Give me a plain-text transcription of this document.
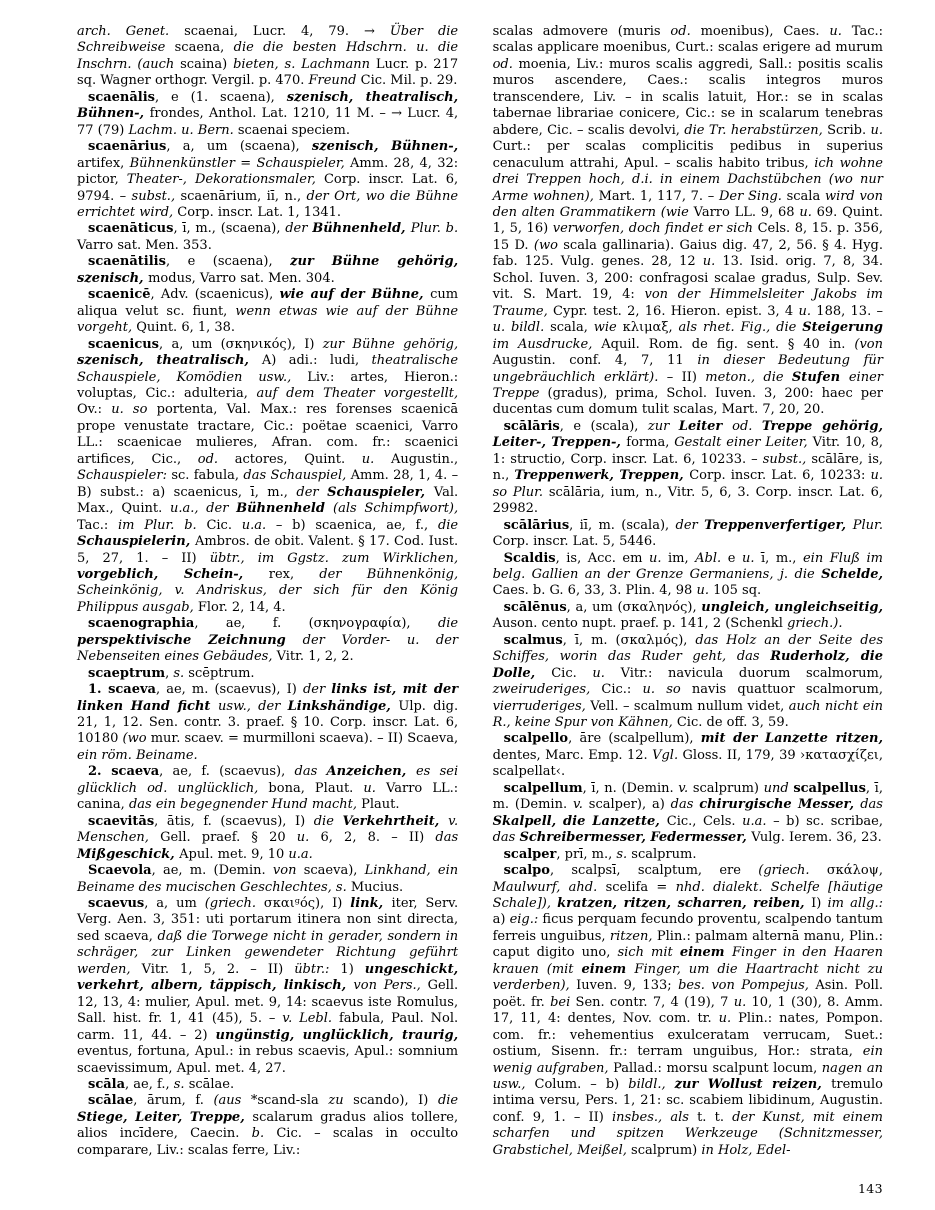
arch. Genet. scaenai, Lucr. 4, 79. → Über die Schreibweise scaena, die die besten Hdschrn. u. die Inschrn. (auch scaina) bieten, s. Lachmann Lucr. p. 217 sq. Wagner orthogr. Vergil. p. 470. Freund Cic. Mil. p. 29.

scaenālis, e (1. scaena), szenisch, theatralisch, Bühnen-, frondes, Anthol. Lat. 1210, 11 M. – → Lucr. 4, 77 (79) Lachm. u. Bern. scaenai speciem.

scaenārius, a, um (scaena), szenisch, Bühnen-, artifex, Bühnenkünstler = Schauspieler, Amm. 28, 4, 32: pictor, Theater-, Dekorationsmaler, Corp. inscr. Lat. 6, 9794. – subst., scaenārium, iī, n., der Ort, wo die Bühne errichtet wird, Corp. inscr. Lat. 1, 1341.

scaenāticus, ī, m., (scaena), der Bühnenheld, Plur. b. Varro sat. Men. 353.

scaenātilis, e (scaena), zur Bühne gehörig, szenisch, modus, Varro sat. Men. 304.

scaenicē, Adv. (scaenicus), wie auf der Bühne, cum aliqua velut sc. fiunt, wenn etwas wie auf der Bühne vorgeht, Quint. 6, 1, 38.

scaenicus, a, um (σκηνικός), I) zur Bühne gehörig, szenisch, theatralisch, A) adi.: ludi, theatralische Schauspiele, Komödien usw., Liv.: artes, Hieron.: voluptas, Cic.: adulteria, auf dem Theater vorgestellt, Ov.: u. so portenta, Val. Max.: res forenses scaenicā prope venustate tractare, Cic.: poëtae scaenici, Varro LL.: scaenicae mulieres, Afran. com. fr.: scaenici artifices, Cic., od. actores, Quint. u. Augustin., Schauspieler: sc. fabula, das Schauspiel, Amm. 28, 1, 4. – B) subst.: a) scaenicus, ī, m., der Schauspieler, Val. Max., Quint. u.a., der Bühnenheld (als Schimpfwort), Tac.: im Plur. b. Cic. u.a. – b) scaenica, ae, f., die Schauspielerin, Ambros. de obit. Valent. § 17. Cod. Iust. 5, 27, 1. – II) übtr., im Ggstz. zum Wirklichen, vorgeblich, Schein-, rex, der Bühnenkönig, Scheinkönig, v. Andriskus, der sich für den König Philippus ausgab, Flor. 2, 14, 4.

scaenographia, ae, f. (σκηνογραφία), die perspektivische Zeichnung der Vorder- u. der Nebenseiten eines Gebäudes, Vitr. 1, 2, 2.

scaeptrum, s. scēptrum.

1. scaeva, ae, m. (scaevus), I) der links ist, mit der linken Hand ficht usw., der Linkshändige, Ulp. dig. 21, 1, 12. Sen. contr. 3. praef. § 10. Corp. inscr. Lat. 6, 10180 (wo mur. scaev. = murmilloni scaeva). – II) Scaeva, ein röm. Beiname.

2. scaeva, ae, f. (scaevus), das Anzeichen, es sei glücklich od. unglücklich, bona, Plaut. u. Varro LL.: canina, das ein begegnender Hund macht, Plaut.

scaevitās, ātis, f. (scaevus), I) die Verkehrtheit, v. Menschen, Gell. praef. § 20 u. 6, 2, 8. – II) das Mißgeschick, Apul. met. 9, 10 u.a.

Scaevola, ae, m. (Demin. von scaeva), Linkhand, ein Beiname des mucischen Geschlechtes, s. Mucius.

scaevus, a, um (griech. σκαιᶢός), I) link, iter, Serv. Verg. Aen. 3, 351: uti portarum itinera non sint directa, sed scaeva, daß die Torwege nicht in gerader, sondern in schräger, zur Linken gewendeter Richtung geführt werden, Vitr. 1, 5, 2. – II) übtr.: 1) ungeschickt, verkehrt, albern, täppisch, linkisch, von Pers., Gell. 12, 13, 4: mulier, Apul. met. 9, 14: scaevus iste Romulus, Sall. hist. fr. 1, 41 (45), 5. – v. Lebl. fabula, Paul. Nol. carm. 11, 44. – 2) ungünstig, unglücklich, traurig, eventus, fortuna, Apul.: in rebus scaevis, Apul.: somnium scaevissimum, Apul. met. 4, 27.

scāla, ae, f., s. scālae.

scālae, ārum, f. (aus *scand-sla zu scando), I) die Stiege, Leiter, Treppe, scalarum gradus alios tollere, alios incīdere, Caecin. b. Cic. – scalas in occulto comparare, Liv.: scalas ferre, Liv.:

scalas admovere (muris od. moenibus), Caes. u. Tac.: scalas applicare moenibus, Curt.: scalas erigere ad murum od. moenia, Liv.: muros scalis aggredi, Sall.: positis scalis muros ascendere, Caes.: scalis integros muros transcendere, Liv. – in scalis latuit, Hor.: se in scalas tabernae librariae conicere, Cic.: se in scalarum tenebras abdere, Cic. – scalis devolvi, die Tr. herabstürzen, Scrib. u. Curt.: per scalas complicitis pedibus in superius cenaculum attrahi, Apul. – scalis habito tribus, ich wohne drei Treppen hoch, d.i. in einem Dachstübchen (wo nur Arme wohnen), Mart. 1, 117, 7. – Der Sing. scala wird von den alten Grammatikern (wie Varro LL. 9, 68 u. 69. Quint. 1, 5, 16) verworfen, doch findet er sich Cels. 8, 15. p. 356, 15 D. (wo scala gallinaria). Gaius dig. 47, 2, 56. § 4. Hyg. fab. 125. Vulg. genes. 28, 12 u. 13. Isid. orig. 7, 8, 34. Schol. Iuven. 3, 200: confragosi scalae gradus, Sulp. Sev. vit. S. Mart. 19, 4: von der Himmelsleiter Jakobs im Traume, Cypr. test. 2, 16. Hieron. epist. 3, 4 u. 188, 13. – u. bildl. scala, wie κλιμαξ, als rhet. Fig., die Steigerung im Ausdrucke, Aquil. Rom. de fig. sent. § 40 in. (von Augustin. conf. 4, 7, 11 in dieser Bedeutung für ungebräuchlich erklärt). – II) meton., die Stufen einer Treppe (gradus), prima, Schol. Iuven. 3, 200: haec per ducentas cum domum tulit scalas, Mart. 7, 20, 20.

scālāris, e (scala), zur Leiter od. Treppe gehörig, Leiter-, Treppen-, forma, Gestalt einer Leiter, Vitr. 10, 8, 1: structio, Corp. inscr. Lat. 6, 10233. – subst., scālāre, is, n., Treppenwerk, Treppen, Corp. inscr. Lat. 6, 10233: u. so Plur. scālāria, ium, n., Vitr. 5, 6, 3. Corp. inscr. Lat. 6, 29982.

scālārius, iī, m. (scala), der Treppenverfertiger, Plur. Corp. inscr. Lat. 5, 5446.

Scaldis, is, Acc. em u. im, Abl. e u. ī, m., ein Fluß im belg. Gallien an der Grenze Germaniens, j. die Schelde, Caes. b. G. 6, 33, 3. Plin. 4, 98 u. 105 sq.

scālēnus, a, um (σκαληνός), ungleich, ungleichseitig, Auson. cento nupt. praef. p. 141, 2 (Schenkl griech.).

scalmus, ī, m. (σκαλμός), das Holz an der Seite des Schiffes, worin das Ruder geht, das Ruderholz, die Dolle, Cic. u. Vitr.: navicula duorum scalmorum, zweiruderiges, Cic.: u. so navis quattuor scalmorum, vierruderiges, Vell. – scalmum nullum videt, auch nicht ein R., keine Spur von Kähnen, Cic. de off. 3, 59.

scalpello, āre (scalpellum), mit der Lanzette ritzen, dentes, Marc. Emp. 12. Vgl. Gloss. II, 179, 39 ›κατασχίζει, scalpellat‹.

scalpellum, ī, n. (Demin. v. scalprum) und scalpellus, ī, m. (Demin. v. scalper), a) das chirurgische Messer, das Skalpell, die Lanzette, Cic., Cels. u.a. – b) sc. scribae, das Schreibermesser, Federmesser, Vulg. Ierem. 36, 23.

scalper, prī, m., s. scalprum.

scalpo, scalpsī, scalptum, ere (griech. σκάλοψ, Maulwurf, ahd. scelifa = nhd. dialekt. Schelfe [häutige Schale]), kratzen, ritzen, scharren, reiben, I) im allg.: a) eig.: ficus perquam fecundo proventu, scalpendo tantum ferreis unguibus, ritzen, Plin.: palmam alternā manu, Plin.: caput digito uno, sich mit einem Finger in den Haaren krauen (mit einem Finger, um die Haartracht nicht zu verderben), Iuven. 9, 133; bes. von Pompejus, Asin. Poll. poët. fr. bei Sen. contr. 7, 4 (19), 7 u. 10, 1 (30), 8. Amm. 17, 11, 4: dentes, Nov. com. tr. u. Plin.: nates, Pompon. com. fr.: vehementius exulceratam verrucam, Suet.: ostium, Sisenn. fr.: terram unguibus, Hor.: strata, ein wenig aufgraben, Pallad.: morsu scalpunt locum, nagen an usw., Colum. – b) bildl., zur Wollust reizen, tremulo intima versu, Pers. 1, 21: sc. scabiem libidinum, Augustin. conf. 9, 1. – II) insbes., als t. t. der Kunst, mit einem scharfen und spitzen Werkzeuge (Schnitzmesser, Grabstichel, Meißel, scalprum) in Holz, Edel-

143
